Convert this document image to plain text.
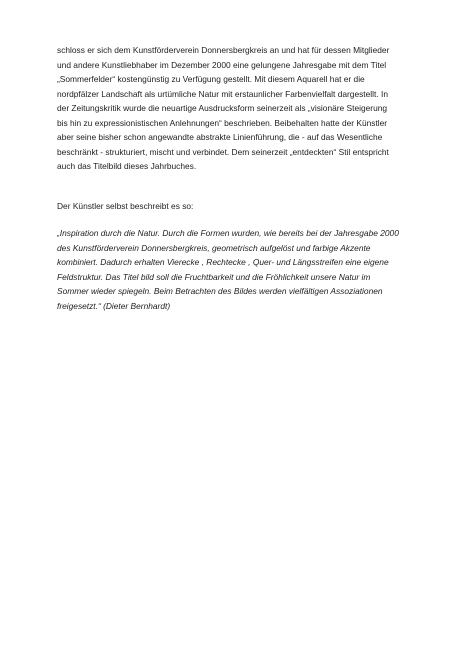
schloss er sich dem Kunstförderverein Donnersbergkreis an und hat für dessen Mitglieder
und andere Kunstliebhaber im Dezember 2000 eine gelungene Jahresgabe mit dem Titel
„Sommerfelder“ kostengünstig zu Verfügung gestellt. Mit diesem Aquarell hat er die
nordpfälzer Landschaft als urtümliche Natur mit erstaunlicher Farbenvielfalt dargestellt. In
der Zeitungskritik wurde die neuartige Ausdrucksform seinerzeit als „visionäre Steigerung
bis hin zu expressionistischen Anlehnungen“ beschrieben. Beibehalten hatte der Künstler
aber seine bisher schon angewandte abstrakte Linienführung, die - auf das Wesentliche
beschränkt - strukturiert, mischt und verbindet. Dem seinerzeit „entdeckten“ Stil entspricht
auch das Titelbild dieses Jahrbuches.
Der Künstler selbst beschreibt es so:
„Inspiration durch die Natur. Durch die Formen wurden, wie bereits bei der Jahresgabe 2000
des Kunstförderverein Donnersbergkreis, geometrisch aufgelöst und farbige Akzente
kombiniert. Dadurch erhalten Vierecke , Rechtecke , Quer- und Längsstreifen eine eigene
Feldstruktur. Das Titel bild soll die Fruchtbarkeit und die Fröhlichkeit unsere Natur im
Sommer wieder spiegeln. Beim Betrachten des Bildes werden vielfältigen Assoziationen
freigesetzt.“ (Dieter Bernhardt)
